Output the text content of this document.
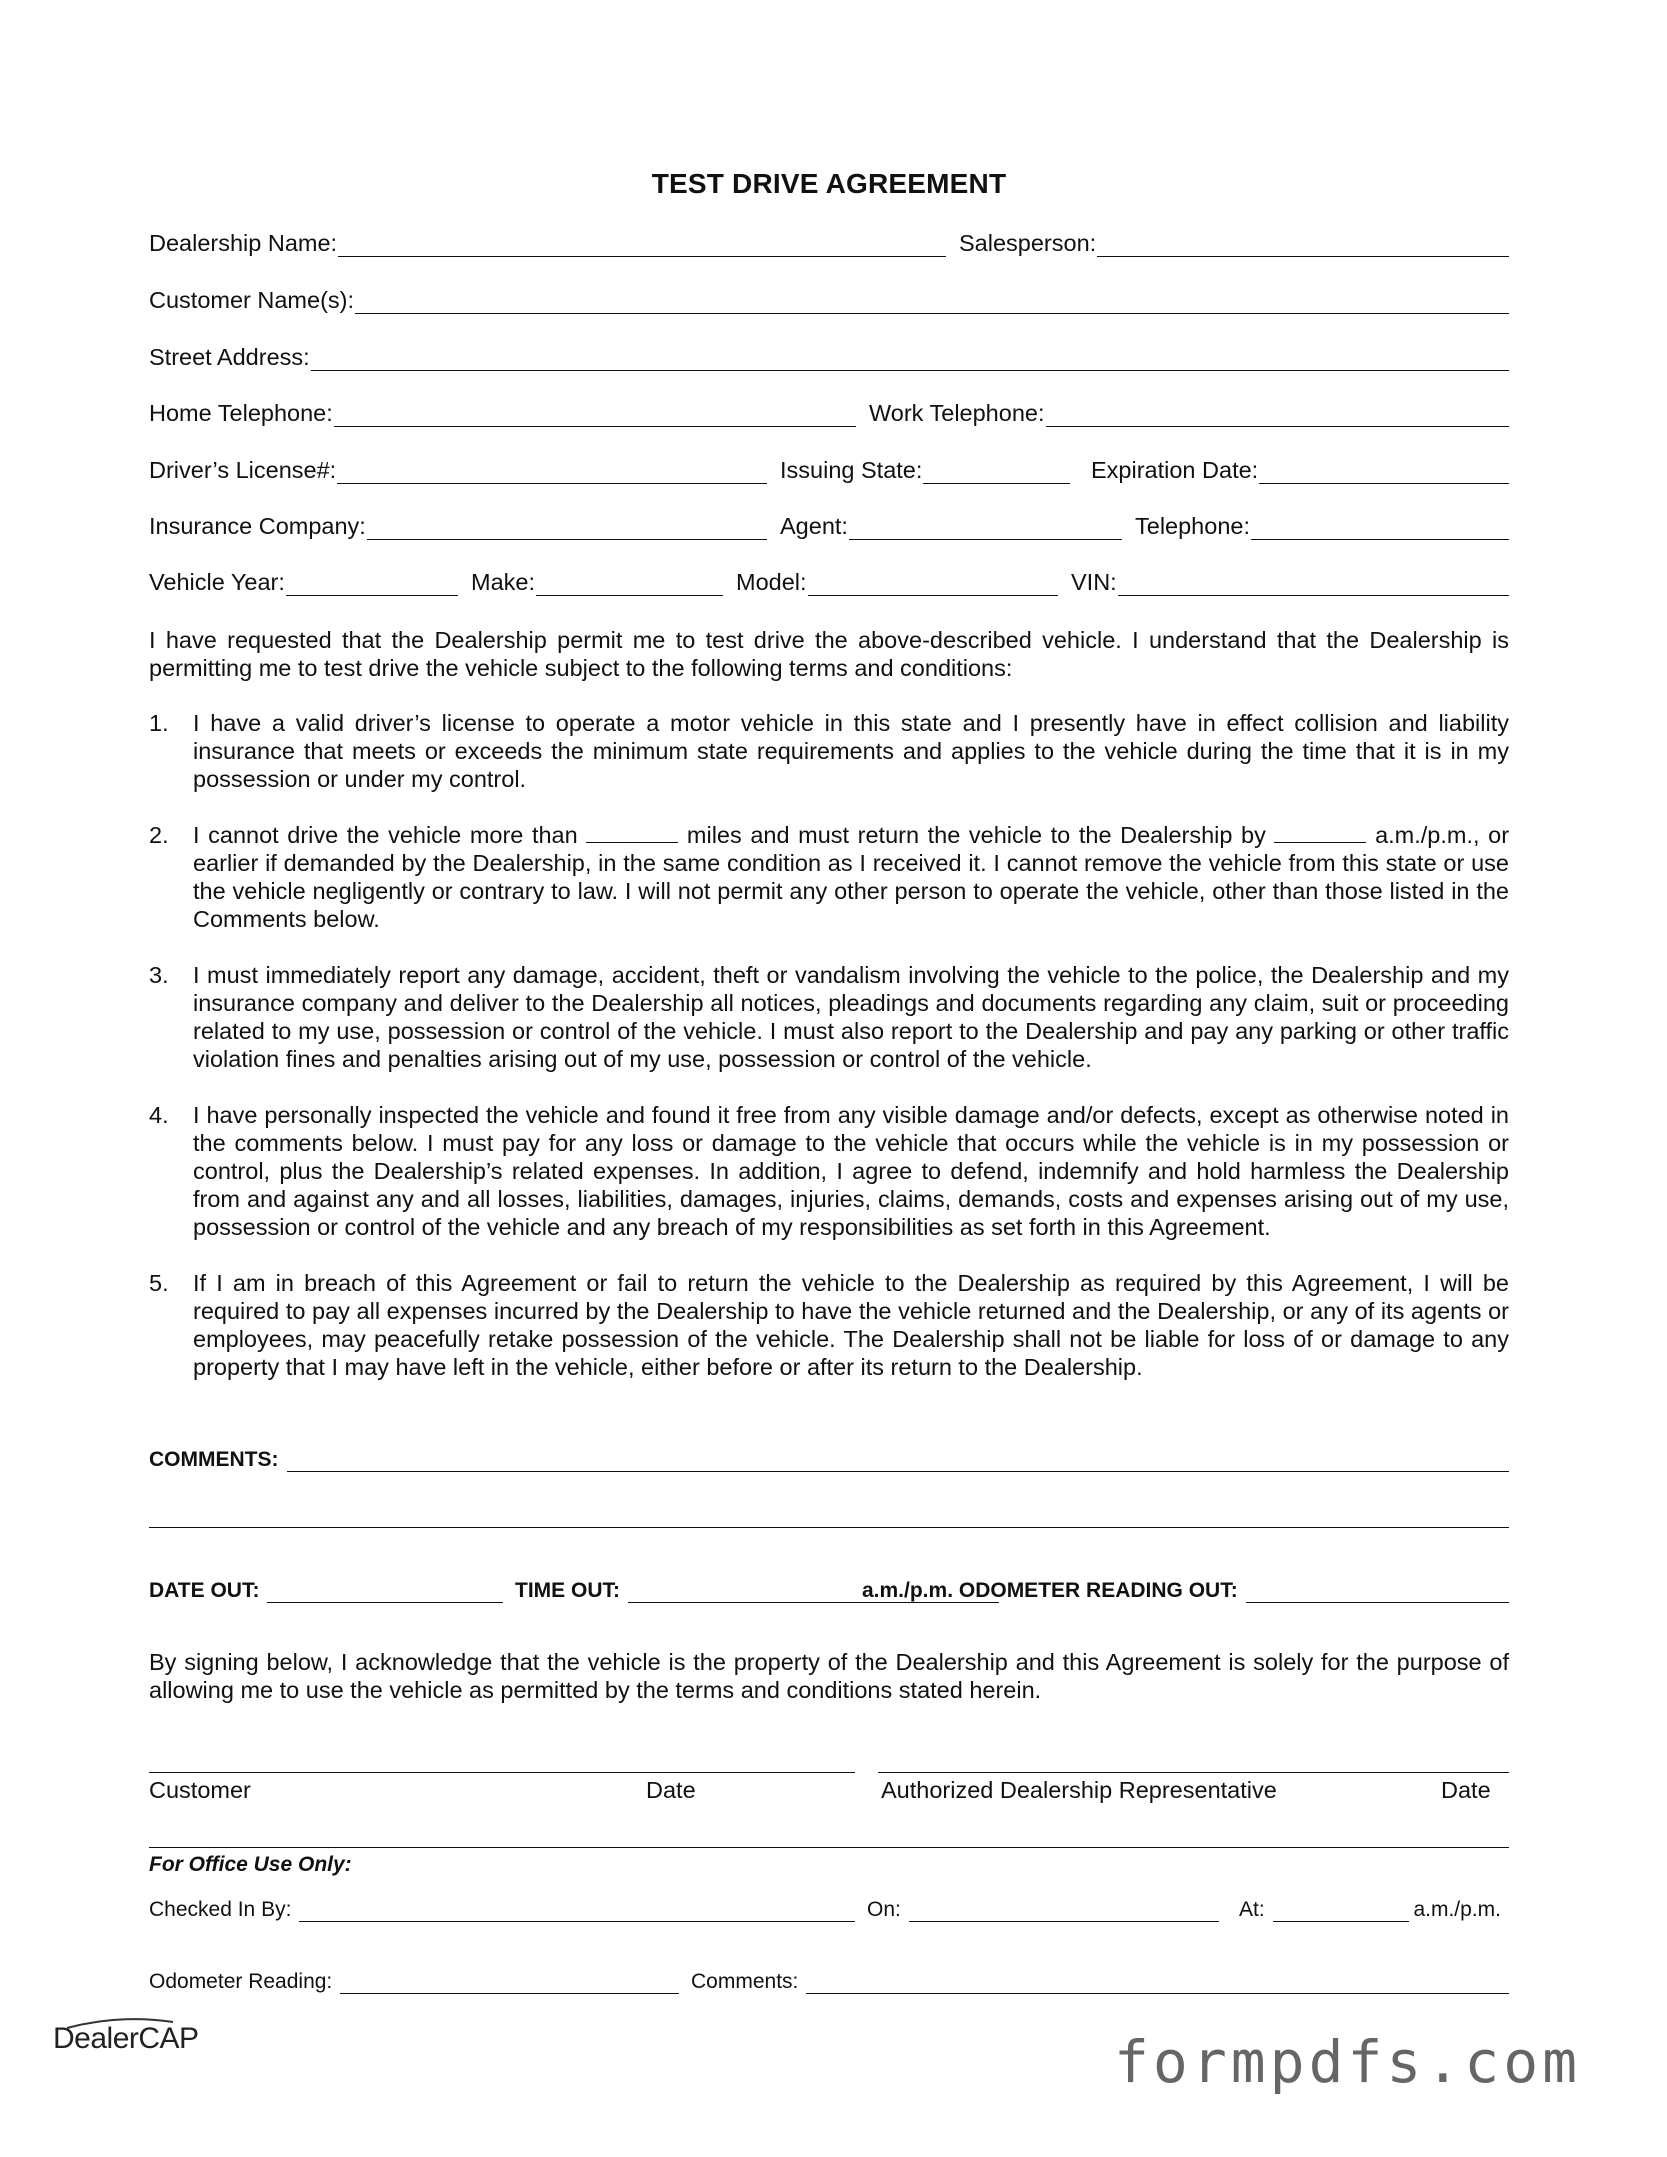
TEST DRIVE AGREEMENT
Dealership Name:	Salesperson:
Customer Name(s):
Street Address:
Home Telephone:	Work Telephone:
Driver’s License#:	Issuing State:	Expiration Date:
Insurance Company:	Agent:	Telephone:
Vehicle Year:	Make:	Model:	VIN:
I have requested that the Dealership permit me to test drive the above-described vehicle. I understand that the Dealership is permitting me to test drive the vehicle subject to the following terms and conditions:
1. I have a valid driver’s license to operate a motor vehicle in this state and I presently have in effect collision and liability insurance that meets or exceeds the minimum state requirements and applies to the vehicle during the time that it is in my possession or under my control.
2. I cannot drive the vehicle more than	miles and must return the vehicle to the Dealership by	a.m./p.m., or earlier if demanded by the Dealership, in the same condition as I received it. I cannot remove the vehicle from this state or use the vehicle negligently or contrary to law. I will not permit any other person to operate the vehicle, other than those listed in the Comments below.
3. I must immediately report any damage, accident, theft or vandalism involving the vehicle to the police, the Dealership and my insurance company and deliver to the Dealership all notices, pleadings and documents regarding any claim, suit or proceeding related to my use, possession or control of the vehicle. I must also report to the Dealership and pay any parking or other traffic violation fines and penalties arising out of my use, possession or control of the vehicle.
4. I have personally inspected the vehicle and found it free from any visible damage and/or defects, except as otherwise noted in the comments below. I must pay for any loss or damage to the vehicle that occurs while the vehicle is in my possession or control, plus the Dealership’s related expenses. In addition, I agree to defend, indemnify and hold harmless the Dealership from and against any and all losses, liabilities, damages, injuries, claims, demands, costs and expenses arising out of my use, possession or control of the vehicle and any breach of my responsibilities as set forth in this Agreement.
5. If I am in breach of this Agreement or fail to return the vehicle to the Dealership as required by this Agreement, I will be required to pay all expenses incurred by the Dealership to have the vehicle returned and the Dealership, or any of its agents or employees, may peacefully retake possession of the vehicle. The Dealership shall not be liable for loss of or damage to any property that I may have left in the vehicle, either before or after its return to the Dealership.
COMMENTS:
DATE OUT:	TIME OUT:	a.m./p.m. ODOMETER READING OUT:
By signing below, I acknowledge that the vehicle is the property of the Dealership and this Agreement is solely for the purpose of allowing me to use the vehicle as permitted by the terms and conditions stated herein.
Customer	Date	Authorized Dealership Representative	Date
For Office Use Only:
Checked In By:	On:	At:	a.m./p.m.
Odometer Reading:	Comments:
DealerCAP	formpdfs.com
